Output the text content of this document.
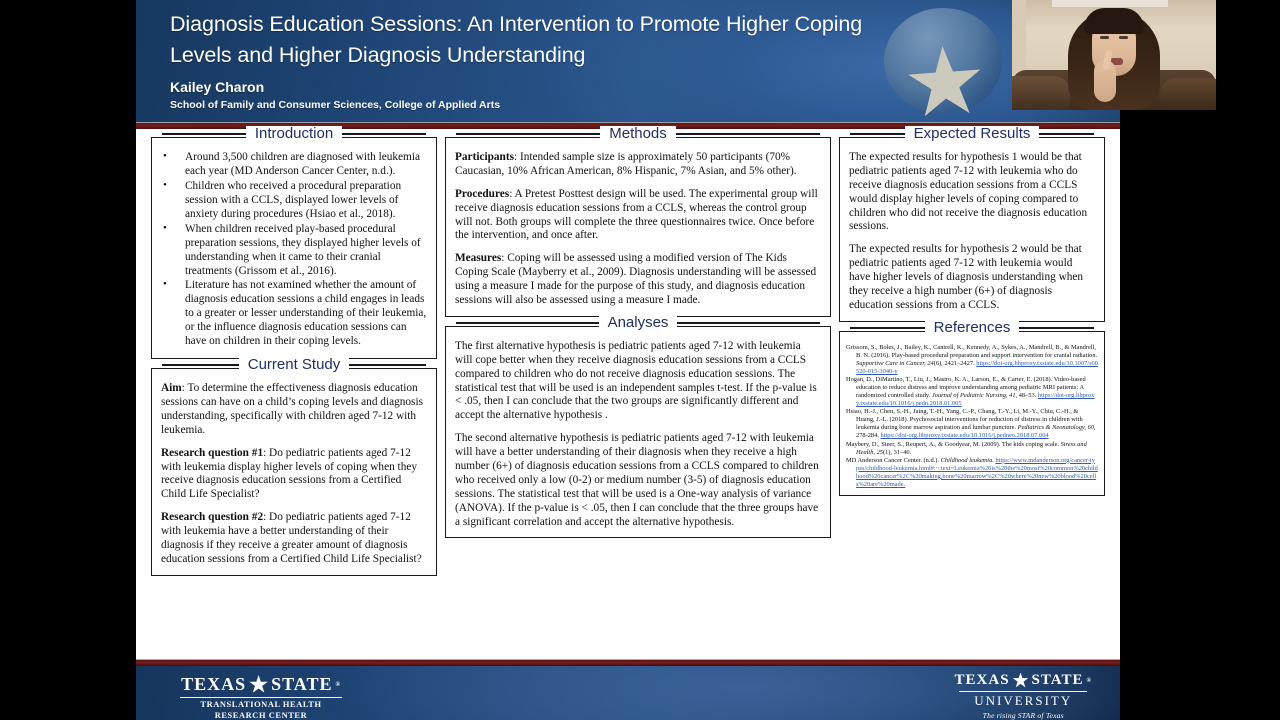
Diagnosis Education Sessions: An Intervention to Promote Higher Coping Levels and Higher Diagnosis Understanding
Kailey Charon
School of Family and Consumer Sciences, College of Applied Arts
Introduction
• Around 3,500 children are diagnosed with leukemia each year (MD Anderson Cancer Center, n.d.).
• Children who received a procedural preparation session with a CCLS, displayed lower levels of anxiety during procedures (Hsiao et al., 2018).
• When children received play-based procedural preparation sessions, they displayed higher levels of understanding when it came to their cranial treatments (Grissom et al., 2016).
• Literature has not examined whether the amount of diagnosis education sessions a child engages in leads to a greater or lesser understanding of their leukemia, or the influence diagnosis education sessions can have on children in their coping levels.
Current Study

Aim: To determine the effectiveness diagnosis education sessions can have on a child’s coping levels and diagnosis understanding, specifically with children aged 7-12 with leukemia.

Research question #1: Do pediatric patients aged 7-12 with leukemia display higher levels of coping when they receive diagnosis education sessions from a Certified Child Life Specialist?

Research question #2: Do pediatric patients aged 7-12 with leukemia have a better understanding of their diagnosis if they receive a greater amount of diagnosis education sessions from a Certified Child Life Specialist?

Methods

Participants: Intended sample size is approximately 50 participants (70% Caucasian, 10% African American, 8% Hispanic, 7% Asian, and 5% other).

Procedures: A Pretest Posttest design will be used. The experimental group will receive diagnosis education sessions from a CCLS, whereas the control group will not. Both groups will complete the three questionnaires twice. Once before the intervention, and once after.

Measures: Coping will be assessed using a modified version of The Kids Coping Scale (Mayberry et al., 2009). Diagnosis understanding will be assessed using a measure I made for the purpose of this study, and diagnosis education sessions will also be assessed using a measure I made.

Analyses

The first alternative hypothesis is pediatric patients aged 7-12 with leukemia will cope better when they receive diagnosis education sessions from a CCLS compared to children who do not receive diagnosis education sessions. The statistical test that will be used is an independent samples t-test. If the p-value is < .05, then I can conclude that the two groups are significantly different and accept the alternative hypothesis .

The second alternative hypothesis is pediatric patients aged 7-12 with leukemia will have a better understanding of their diagnosis when they receive a high number (6+) of diagnosis education sessions from a CCLS compared to children who received only a low (0-2) or medium number (3-5) of diagnosis education sessions. The statistical test that will be used is a One-way analysis of variance (ANOVA). If the p-value is < .05, then I can conclude that the three groups have a significant correlation and accept the alternative hypothesis.

Expected Results

The expected results for hypothesis 1 would be that pediatric patients aged 7-12 with leukemia who do receive diagnosis education sessions from a CCLS would display higher levels of coping compared to children who did not receive the diagnosis education sessions.

The expected results for hypothesis 2 would be that pediatric patients aged 7-12 with leukemia would have higher levels of diagnosis understanding when they receive a high number (6+) of diagnosis education sessions from a CCLS.

References
Grissom, S., Boles, J., Bailey, K., Cantrell, K., Kennedy, A., Sykes, A., Mandrell, B., & Mandrell, B. N. (2016). Play-based procedural preparation and support intervention for cranial radiation. Supportive Care in Cancer, 24(6), 2421–2427. https://doi-org.libproxy.txstate.edu/10.1007/s00520-015-3040-y
Hogan, D., DiMartino, T., Liu, J., Mastro, K. A., Larson, E., & Carter, E. (2018). Video-based education to reduce distress and improve understanding among pediatric MRI patients: A randomized controlled study. Journal of Pediatric Nursing, 41, 48–53. https://doi-org.libproxy.txstate.edu/10.1016/j.pedn.2018.01.005
Hsiao, H.-J., Chen, S.-H., Jaing, T.-H., Yang, C.-P., Chang, T.-Y., Li, M.-Y., Chiu, C.-H., & Huang, J.-L. (2018). Psychosocial interventions for reduction of distress in children with leukemia during bone marrow aspiration and lumbar puncture. Pediatrics & Neonatology, 60, 278-284. https://doi-org.libproxy.txstate.edu/10.1016/j.pedneo.2018.07.004
Maybery, D., Steer, S., Reupert, A., & Goodyear, M. (2009). The kids coping scale. Stress and Health, 25(1), 31–40.
MD Anderson Cancer Center. (n.d.). Childhood leukemia. https://www.mdanderson.org/cancer-types/childhood-leukemia.html#:~:text=Leukemia%20is%20the%20most%20common%20childhood%20cancer%2C%20making,bone%20marrow%2C%20where%20new%20blood%20cells%20are%20made.
TEXAS STATE ®
TRANSLATIONAL HEALTH
RESEARCH CENTER
TEXAS STATE ®
UNIVERSITY
The rising STAR of Texas
